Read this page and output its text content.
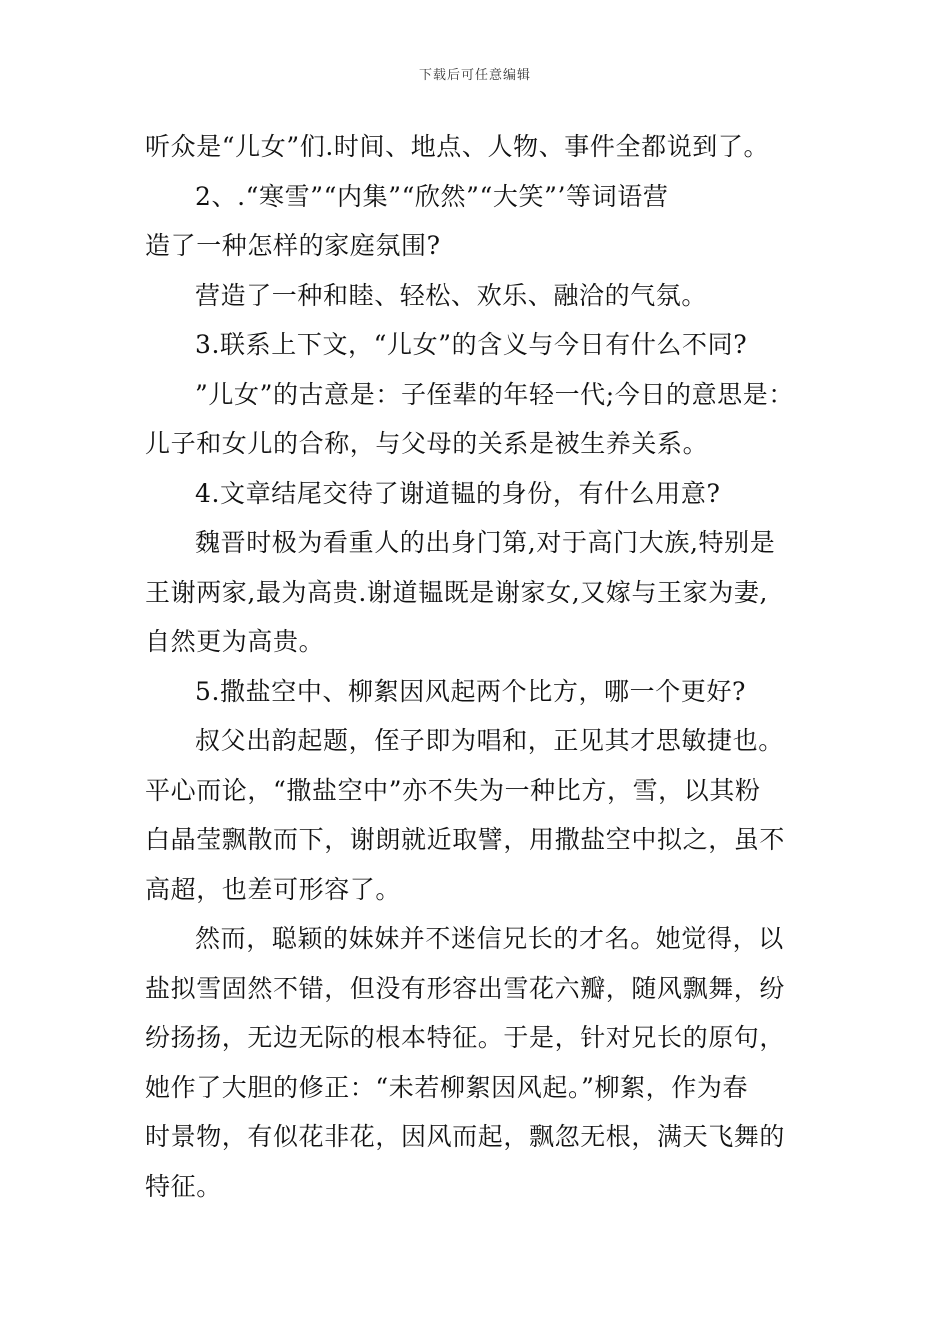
下载后可任意编辑
听众是“儿女”们.时间、地点、人物、事件全都说到了。
2、.“寒雪”“内集”“欣然”“大笑”’等词语营
造了一种怎样的家庭氛围?
营造了一种和睦、轻松、欢乐、融洽的气氛。
3.联系上下文，“儿女”的含义与今日有什么不同?
”儿女”的古意是：子侄辈的年轻一代;今日的意思是：
儿子和女儿的合称，与父母的关系是被生养关系。
4.文章结尾交待了谢道韫的身份，有什么用意?
魏晋时极为看重人的出身门第,对于高门大族,特别是
王谢两家,最为高贵.谢道韫既是谢家女,又嫁与王家为妻,
自然更为高贵。
5.撒盐空中、柳絮因风起两个比方，哪一个更好?
叔父出韵起题，侄子即为唱和，正见其才思敏捷也。
平心而论，“撒盐空中”亦不失为一种比方，雪，以其粉
白晶莹飘散而下，谢朗就近取譬，用撒盐空中拟之，虽不
高超，也差可形容了。
然而，聪颖的妹妹并不迷信兄长的才名。她觉得，以
盐拟雪固然不错，但没有形容出雪花六瓣，随风飘舞，纷
纷扬扬，无边无际的根本特征。于是，针对兄长的原句，
她作了大胆的修正：“未若柳絮因风起。”柳絮，作为春
时景物，有似花非花，因风而起，飘忽无根，满天飞舞的
特征。
